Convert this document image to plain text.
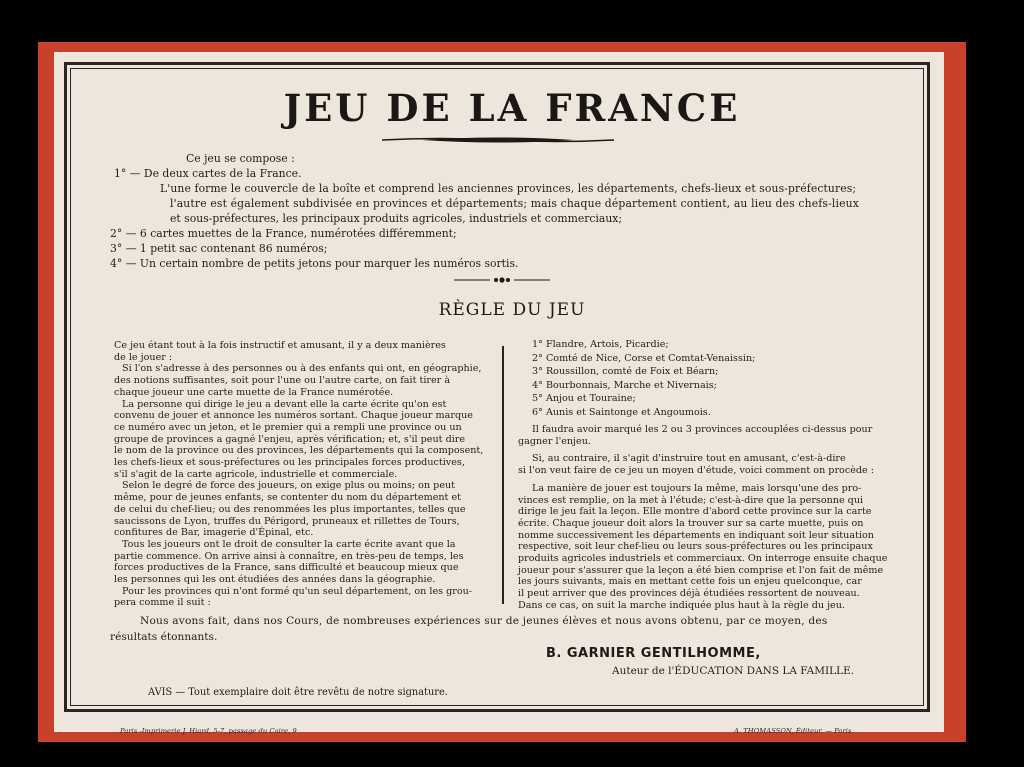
JEU DE LA FRANCE
Ce jeu se compose :
1° — De deux cartes de la France.
L'une forme le couvercle de la boîte et comprend les anciennes provinces, les départements, chefs-lieux et sous-préfectures;
l'autre est également subdivisée en provinces et départements; mais chaque département contient, au lieu des chefs-lieux
et sous-préfectures, les principaux produits agricoles, industriels et commerciaux;
2° — 6 cartes muettes de la France, numérotées différemment;
3° — 1 petit sac contenant 86 numéros;
4° — Un certain nombre de petits jetons pour marquer les numéros sortis.
RÈGLE DU JEU
Ce jeu étant tout à la fois instructif et amusant, il y a deux manières
de le jouer :
Si l'on s'adresse à des personnes ou à des enfants qui ont, en géographie,
des notions suffisantes, soit pour l'une ou l'autre carte, on fait tirer à
chaque joueur une carte muette de la France numérotée.
La personne qui dirige le jeu a devant elle la carte écrite qu'on est
convenu de jouer et annonce les numéros sortant. Chaque joueur marque
ce numéro avec un jeton, et le premier qui a rempli une province ou un
groupe de provinces a gagné l'enjeu, après vérification; et, s'il peut dire
le nom de la province ou des provinces, les départements qui la composent,
les chefs-lieux et sous-préfectures ou les principales forces productives,
s'il s'agit de la carte agricole, industrielle et commerciale.
Selon le degré de force des joueurs, on exige plus ou moins; on peut
même, pour de jeunes enfants, se contenter du nom du département et
de celui du chef-lieu; ou des renommées les plus importantes, telles que
saucissons de Lyon, truffes du Périgord, pruneaux et rillettes de Tours,
confitures de Bar, imagerie d'Épinal, etc.
Tous les joueurs ont le droit de consulter la carte écrite avant que la
partie commence. On arrive ainsi à connaître, en très-peu de temps, les
forces productives de la France, sans difficulté et beaucoup mieux que
les personnes qui les ont étudiées des années dans la géographie.
Pour les provinces qui n'ont formé qu'un seul département, on les grou-
pera comme il suit :
1° Flandre, Artois, Picardie;
2° Comté de Nice, Corse et Comtat-Venaissin;
3° Roussillon, comté de Foix et Béarn;
4° Bourbonnais, Marche et Nivernais;
5° Anjou et Touraine;
6° Aunis et Saintonge et Angoumois.
Il faudra avoir marqué les 2 ou 3 provinces accouplées ci-dessus pour
gagner l'enjeu.
Si, au contraire, il s'agit d'instruire tout en amusant, c'est-à-dire
si l'on veut faire de ce jeu un moyen d'étude, voici comment on procède :
La manière de jouer est toujours la même, mais lorsqu'une des pro-
vinces est remplie, on la met à l'étude; c'est-à-dire que la personne qui
dirige le jeu fait la leçon. Elle montre d'abord cette province sur la carte
écrite. Chaque joueur doit alors la trouver sur sa carte muette, puis on
nomme successivement les départements en indiquant soit leur situation
respective, soit leur chef-lieu ou leurs sous-préfectures ou les principaux
produits agricoles industriels et commerciaux. On interroge ensuite chaque
joueur pour s'assurer que la leçon a été bien comprise et l'on fait de même
les jours suivants, mais en mettant cette fois un enjeu quelconque, car
il peut arriver que des provinces déjà étudiées ressortent de nouveau.
Dans ce cas, on suit la marche indiquée plus haut à la règle du jeu.
Nous avons fait, dans nos Cours, de nombreuses expériences sur de jeunes élèves et nous avons obtenu, par ce moyen, des
résultats étonnants.
B. GARNIER GENTILHOMME,
Auteur de l'ÉDUCATION DANS LA FAMILLE.
AVIS — Tout exemplaire doit être revêtu de notre signature.
Paris.-Imprimerie J. Hiard, 5-7, passage du Caire, 9	A. THOMASSON, Éditeur. — Paris.
